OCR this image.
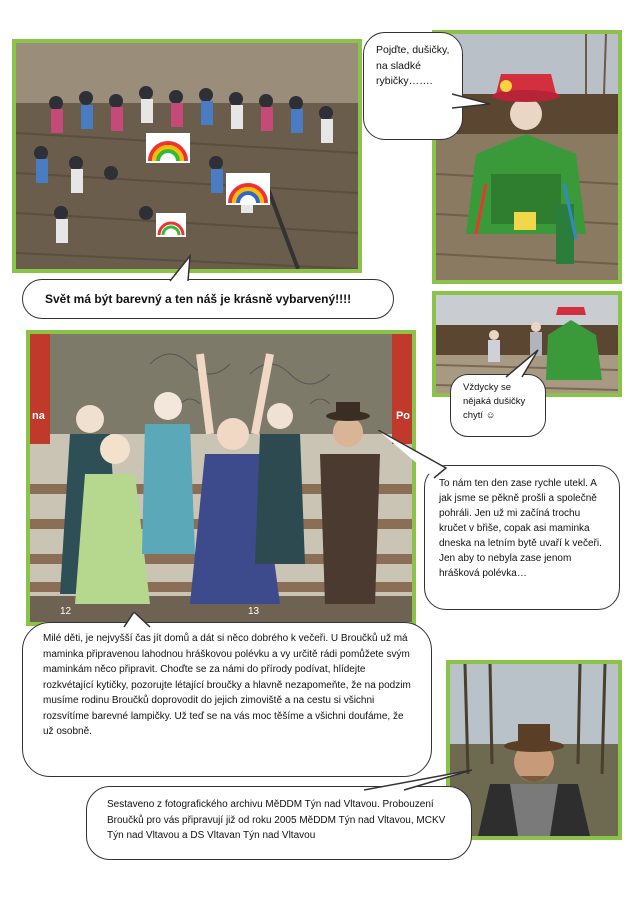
na	Po
12	13

Pojďte, dušičky, na sladké rybičky…….

Svět má být barevný a ten náš je krásně vybarvený!!!!

Vždycky se nějaká dušičky chytí ☺

To nám ten den zase rychle utekl. A jak jsme se pěkně prošli a společně pohráli. Jen už mi začíná trochu kručet v břiše, copak asi maminka dneska na letním bytě uvaří k večeři. Jen aby to nebyla zase jenom hrášková polévka…

Milé děti, je nejvyšší čas jít domů a dát si něco dobrého k večeři. U Broučků už má maminka připravenou lahodnou hráškovou polévku a vy určitě rádi pomůžete svým maminkám něco připravit. Choďte se za námi do přírody podívat, hlídejte rozkvétající kytičky, pozorujte létající broučky a hlavně nezapomeňte, že na podzim musíme rodinu Broučků doprovodit do jejich zimoviště a na cestu si všichni rozsvítíme barevné lampičky. Už teď se na vás moc těšíme a všichni doufáme, že už osobně.

Sestaveno z fotografického archivu MěDDM Týn nad Vltavou. Probouzení Broučků pro vás připravují již od roku 2005 MěDDM Týn nad Vltavou, MCKV Týn nad Vltavou a DS Vltavan Týn nad Vltavou
